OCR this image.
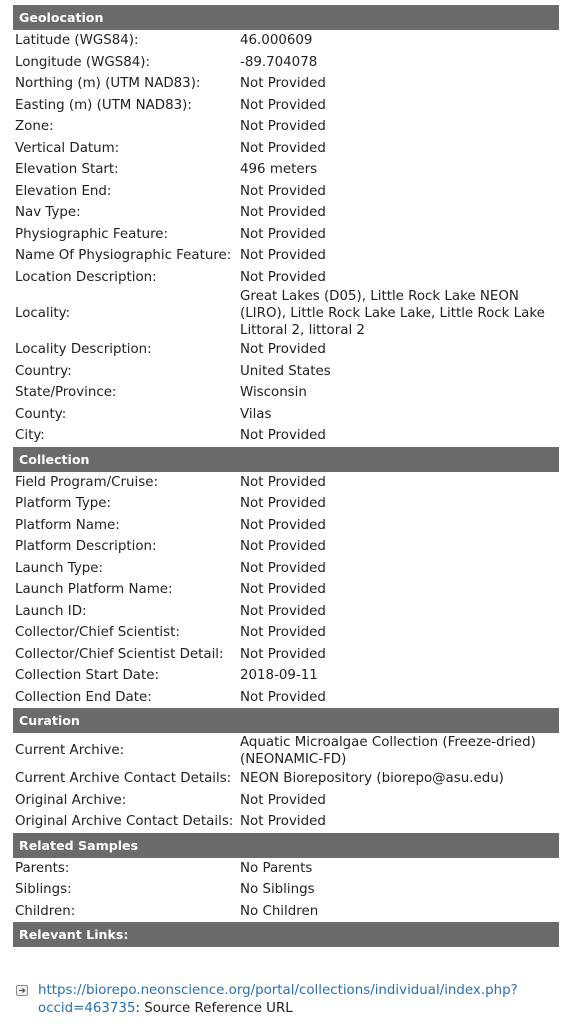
Geolocation
Latitude (WGS84):	46.000609
Longitude (WGS84):	-89.704078
Northing (m) (UTM NAD83):	Not Provided
Easting (m) (UTM NAD83):	Not Provided
Zone:	Not Provided
Vertical Datum:	Not Provided
Elevation Start:	496 meters
Elevation End:	Not Provided
Nav Type:	Not Provided
Physiographic Feature:	Not Provided
Name Of Physiographic Feature: Not Provided
Location Description:	Not Provided
Locality:
Great Lakes (D05), Little Rock Lake NEON (LIRO), Little Rock Lake Lake, Little Rock Lake Littoral 2, littoral 2
Locality Description:	Not Provided
Country:	United States
State/Province:	Wisconsin
County:	Vilas
City:	Not Provided
Collection
Field Program/Cruise:	Not Provided
Platform Type:	Not Provided
Platform Name:	Not Provided
Platform Description:	Not Provided
Launch Type:	Not Provided
Launch Platform Name:	Not Provided
Launch ID:	Not Provided
Collector/Chief Scientist:	Not Provided
Collector/Chief Scientist Detail:	Not Provided
Collection Start Date:	2018-09-11
Collection End Date:	Not Provided
Curation
Current Archive:
Aquatic Microalgae Collection (Freeze-dried) (NEONAMIC-FD)
Current Archive Contact Details: NEON Biorepository (biorepo@asu.edu)
Original Archive:	Not Provided
Original Archive Contact Details: Not Provided
Related Samples
Parents:	No Parents
Siblings:	No Siblings
Children:	No Children
Relevant Links:
https://biorepo.neonscience.org/portal/collections/individual/index.php?occid=463735: Source Reference URL
